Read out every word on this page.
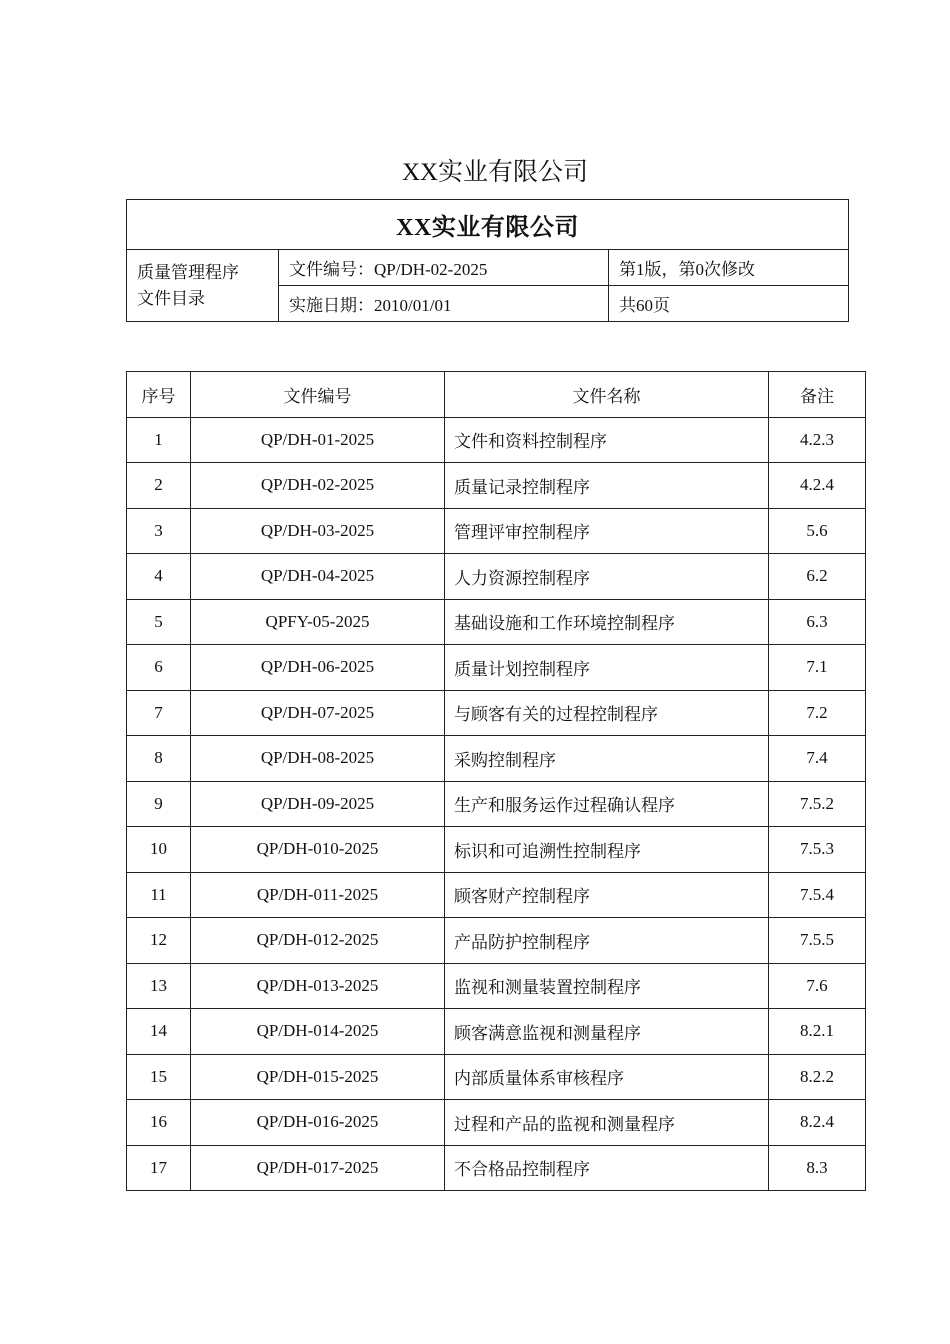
XX实业有限公司
XX实业有限公司		

质量管理程序
文件目录	文件编号：QP/DH-02-2025	第1版，第0次修改
	实施日期：2010/01/01	共60页
序号	文件编号	文件名称	备注
1	QP/DH-01-2025	文件和资料控制程序	4.2.3
2	QP/DH-02-2025	质量记录控制程序	4.2.4
3	QP/DH-03-2025	管理评审控制程序	5.6
4	QP/DH-04-2025	人力资源控制程序	6.2
5	QPFY-05-2025	基础设施和工作环境控制程序	6.3
6	QP/DH-06-2025	质量计划控制程序	7.1
7	QP/DH-07-2025	与顾客有关的过程控制程序	7.2
8	QP/DH-08-2025	采购控制程序	7.4
9	QP/DH-09-2025	生产和服务运作过程确认程序	7.5.2
10	QP/DH-010-2025	标识和可追溯性控制程序	7.5.3
11	QP/DH-011-2025	顾客财产控制程序	7.5.4
12	QP/DH-012-2025	产品防护控制程序	7.5.5
13	QP/DH-013-2025	监视和测量装置控制程序	7.6
14	QP/DH-014-2025	顾客满意监视和测量程序	8.2.1
15	QP/DH-015-2025	内部质量体系审核程序	8.2.2
16	QP/DH-016-2025	过程和产品的监视和测量程序	8.2.4
17	QP/DH-017-2025	不合格品控制程序	8.3
